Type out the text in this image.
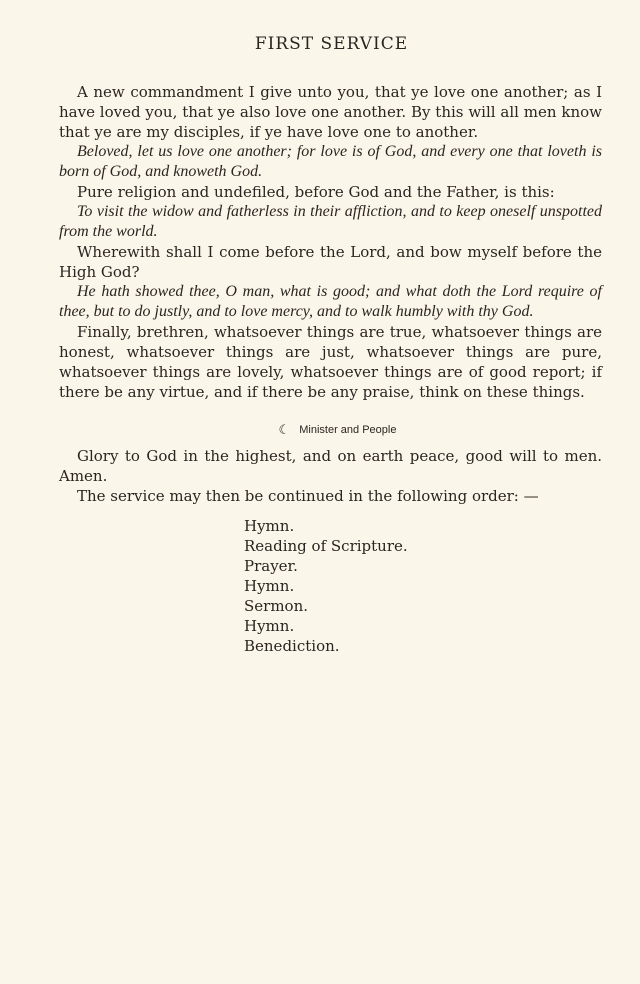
FIRST SERVICE

A new commandment I give unto you, that ye love one another; as I have loved you, that ye also love one another. By this will all men know that ye are my disciples, if ye have love one to another.

Beloved, let us love one another; for love is of God, and every one that loveth is born of God, and knoweth God.

Pure religion and undefiled, before God and the Father, is this:

To visit the widow and fatherless in their affliction, and to keep oneself unspotted from the world.

Wherewith shall I come before the Lord, and bow myself before the High God?

He hath showed thee, O man, what is good; and what doth the Lord require of thee, but to do justly, and to love mercy, and to walk humbly with thy God.

Finally, brethren, whatsoever things are true, whatsoever things are honest, whatsoever things are just, whatsoever things are pure, whatsoever things are lovely, whatsoever things are of good report; if there be any virtue, and if there be any praise, think on these things.

☾ Minister and People

Glory to God in the highest, and on earth peace, good will to men. Amen.

The service may then be continued in the following order: —

Hymn.
Reading of Scripture.
Prayer.
Hymn.
Sermon.
Hymn.
Benediction.
